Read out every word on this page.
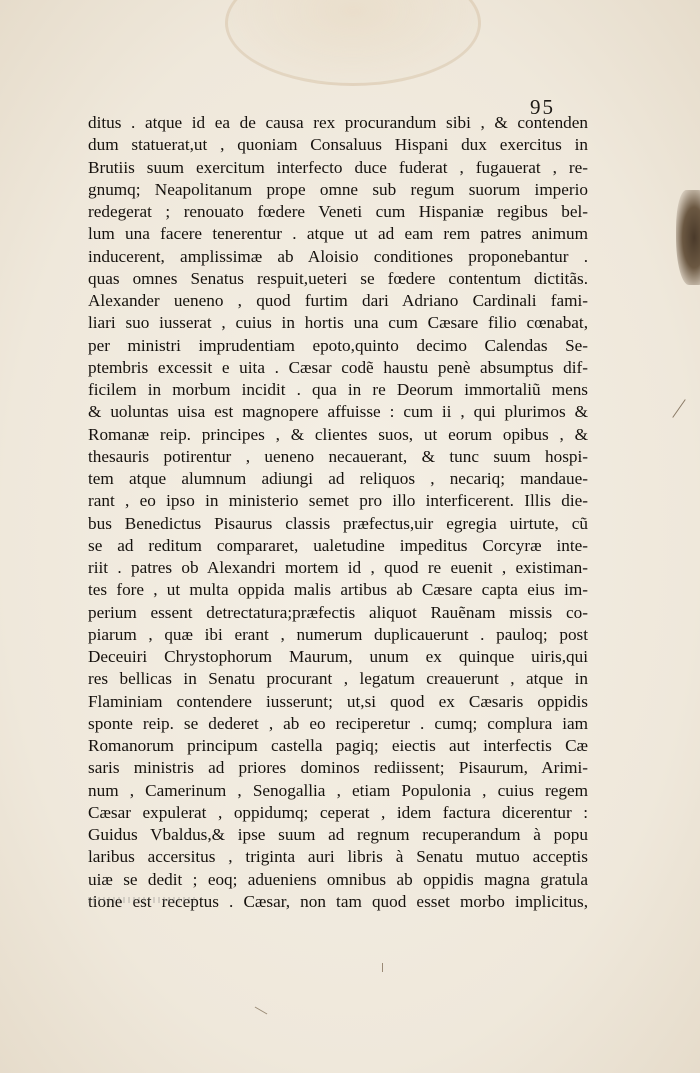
95
ditus . atque id ea de causa rex procurandum sibi , & contenden
dum statuerat,ut , quoniam Consaluus Hispani dux exercitus in
Brutiis suum exercitum interfecto duce fuderat , fugauerat , re-
gnumq; Neapolitanum prope omne sub regum suorum imperio
redegerat ; renouato fœdere Veneti cum Hispaniæ regibus bel-
lum una facere tenerentur . atque ut ad eam rem patres animum
inducerent, amplissimæ ab Aloisio conditiones proponebantur .
quas omnes Senatus respuit,ueteri se fœdere contentum dictitãs.
Alexander ueneno , quod furtim dari Adriano Cardinali fami-
liari suo iusserat , cuius in hortis una cum Cæsare filio cœnabat,
per ministri imprudentiam epoto,quinto decimo Calendas Se-
ptembris excessit e uita . Cæsar codẽ haustu penè absumptus dif-
ficilem in morbum incidit . qua in re Deorum immortaliũ mens
& uoluntas uisa est magnopere affuisse : cum ii , qui plurimos &
Romanæ reip. principes , & clientes suos, ut eorum opibus , &
thesauris potirentur , ueneno necauerant, & tunc suum hospi-
tem atque alumnum adiungi ad reliquos , necariq; mandaue-
rant , eo ipso in ministerio semet pro illo interficerent. Illis die-
bus Benedictus Pisaurus classis præfectus,uir egregia uirtute, cũ
se ad reditum compararet, ualetudine impeditus Corcyræ inte-
riit . patres ob Alexandri mortem id , quod re euenit , existiman-
tes fore , ut multa oppida malis artibus ab Cæsare capta eius im-
perium essent detrectatura;præfectis aliquot Rauẽnam missis co-
piarum , quæ ibi erant , numerum duplicauerunt . pauloq; post
Deceuiri Chrystophorum Maurum, unum ex quinque uiris,qui
res bellicas in Senatu procurant , legatum creauerunt , atque in
Flaminiam contendere iusserunt; ut,si quod ex Cæsaris oppidis
sponte reip. se dederet , ab eo reciperetur . cumq; complura iam
Romanorum principum castella pagiq; eiectis aut interfectis Cæ
saris ministris ad priores dominos rediissent; Pisaurum, Arimi-
num , Camerinum , Senogallia , etiam Populonia , cuius regem
Cæsar expulerat , oppidumq; ceperat , idem factura dicerentur :
Guidus Vbaldus,& ipse suum ad regnum recuperandum à popu
laribus accersitus , triginta auri libris à Senatu mutuo acceptis
uiæ se dedit ; eoq; adueniens omnibus ab oppidis magna gratula
tione est receptus . Cæsar, non tam quod esset morbo implicitus,
